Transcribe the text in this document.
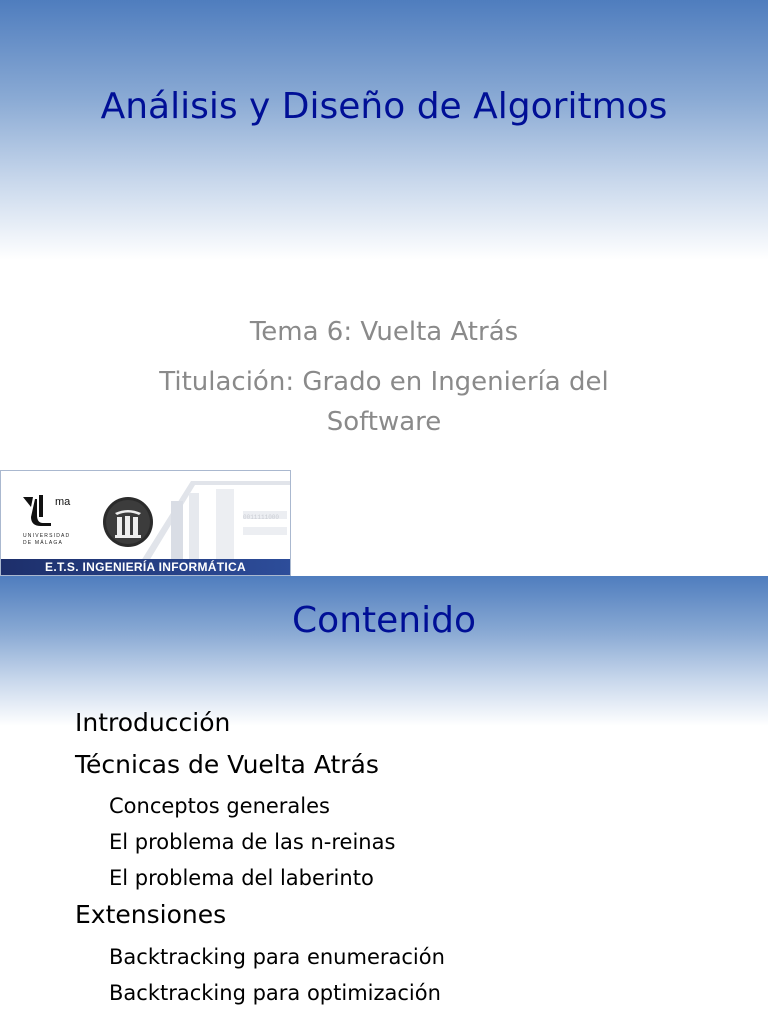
Análisis y Diseño de Algoritmos

Tema 6: Vuelta Atrás

Titulación: Grado en Ingeniería del
Software

ma
UNIVERSIDAD
DE MÁLAGA
0011111000
E.T.S. INGENIERÍA INFORMÁTICA
Contenido
Introducción
Técnicas de Vuelta Atrás
Conceptos generales
El problema de las n-reinas
El problema del laberinto
Extensiones
Backtracking para enumeración
Backtracking para optimización
